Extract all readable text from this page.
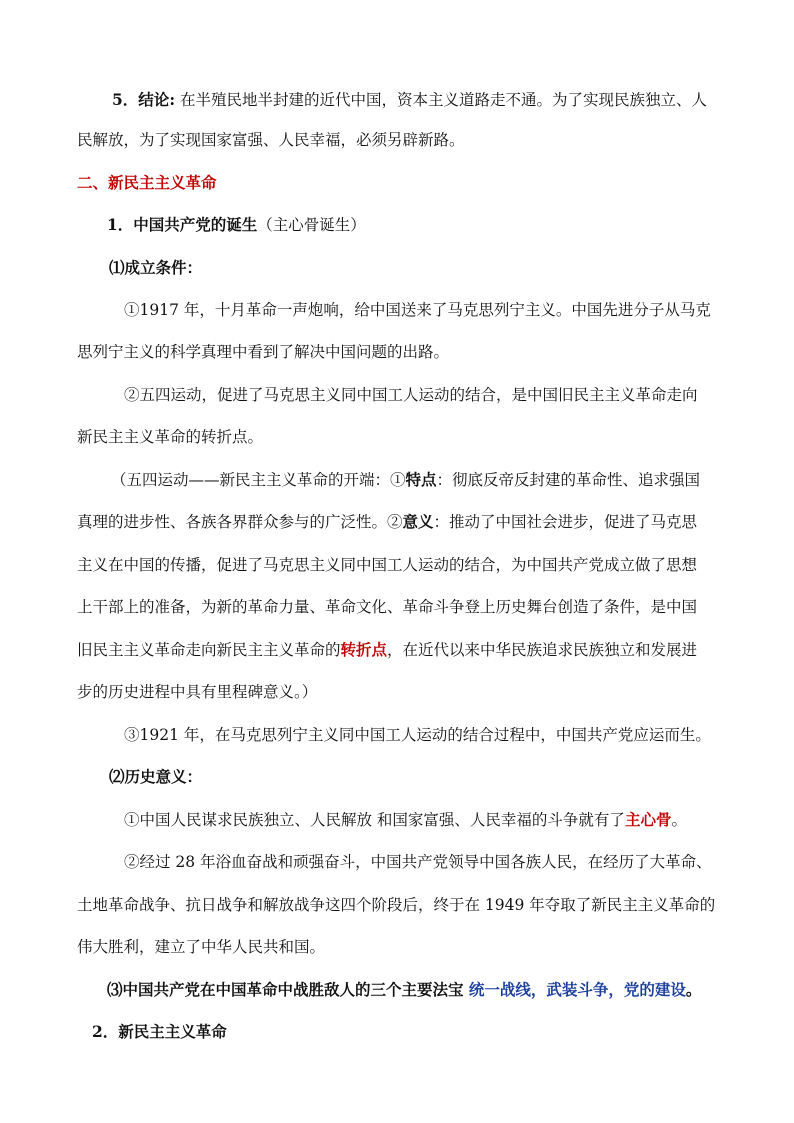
5．结论: 在半殖民地半封建的近代中国，资本主义道路走不通。为了实现民族独立、人
民解放，为了实现国家富强、人民幸福，必须另辟新路。
二、新民主主义革命
1．中国共产党的诞生（主心骨诞生）
⑴成立条件：
①1917 年，十月革命一声炮响，给中国送来了马克思列宁主义。中国先进分子从马克
思列宁主义的科学真理中看到了解决中国问题的出路。
②五四运动，促进了马克思主义同中国工人运动的结合，是中国旧民主主义革命走向
新民主主义革命的转折点。
（五四运动——新民主主义革命的开端：①特点：彻底反帝反封建的革命性、追求强国
真理的进步性、各族各界群众参与的广泛性。②意义：推动了中国社会进步，促进了马克思
主义在中国的传播，促进了马克思主义同中国工人运动的结合，为中国共产党成立做了思想
上干部上的准备，为新的革命力量、革命文化、革命斗争登上历史舞台创造了条件，是中国
旧民主主义革命走向新民主主义革命的转折点，在近代以来中华民族追求民族独立和发展进
步的历史进程中具有里程碑意义。）
③1921 年，在马克思列宁主义同中国工人运动的结合过程中，中国共产党应运而生。
⑵历史意义：
①中国人民谋求民族独立、人民解放 和国家富强、人民幸福的斗争就有了主心骨。
②经过 28 年浴血奋战和顽强奋斗，中国共产党领导中国各族人民，在经历了大革命、
土地革命战争、抗日战争和解放战争这四个阶段后，终于在 1949 年夺取了新民主主义革命的
伟大胜利，建立了中华人民共和国。
⑶中国共产党在中国革命中战胜敌人的三个主要法宝 统一战线，武装斗争，党的建设。
2．新民主主义革命
